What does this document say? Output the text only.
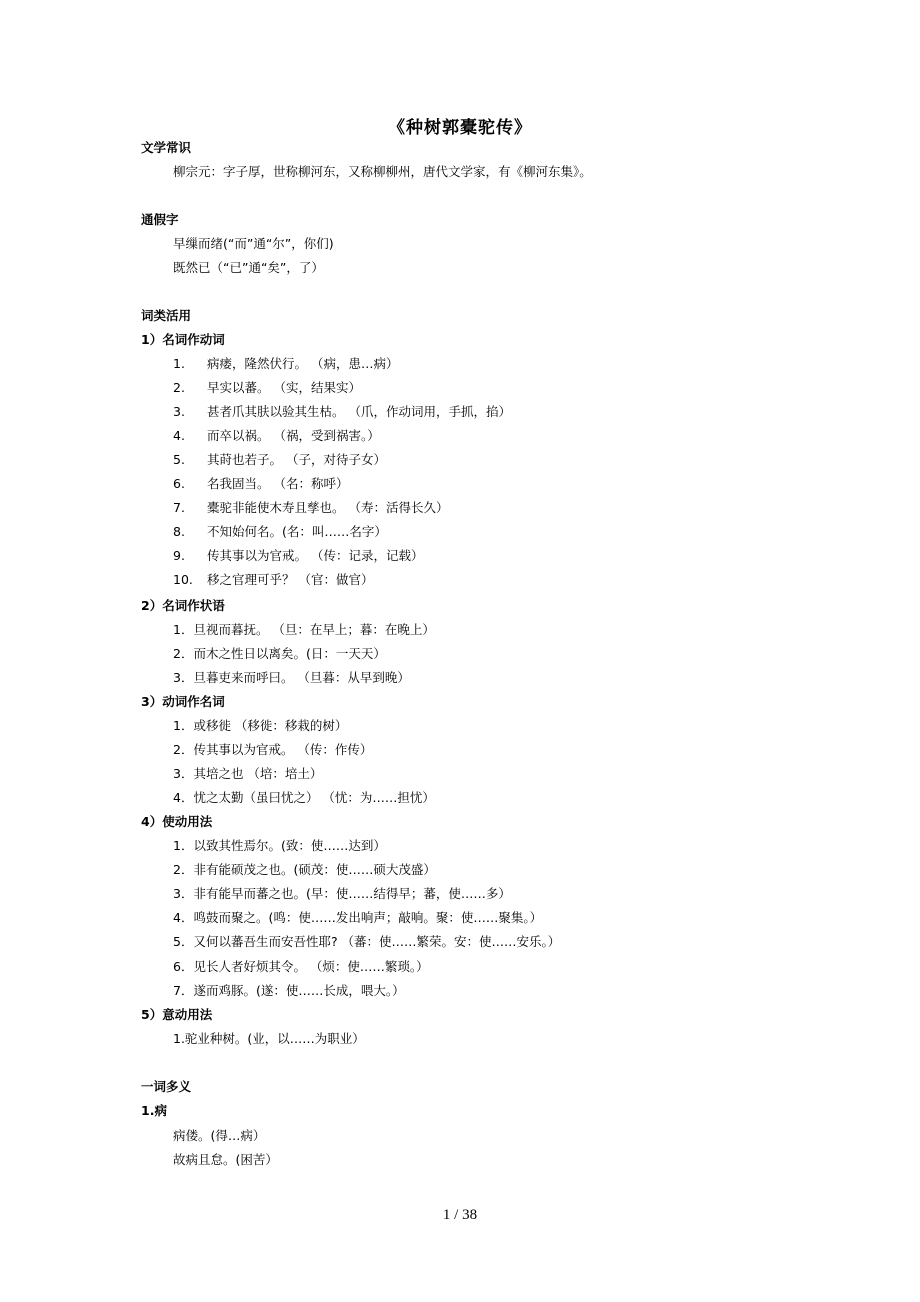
《种树郭橐驼传》
文学常识
柳宗元：字子厚，世称柳河东，又称柳柳州，唐代文学家，有《柳河东集》。
通假字
早缫而绪(“而”通“尔”，你们)
既然已（“已”通“矣”，了）
词类活用
1）名词作动词
1. 病瘘，隆然伏行。 （病，患…病）
2. 早实以蕃。 （实，结果实）
3. 甚者爪其肤以验其生枯。 （爪，作动词用，手抓，掐）
4. 而卒以祸。 （祸，受到祸害。）
5. 其莳也若子。 （子，对待子女）
6. 名我固当。 （名：称呼）
7. 橐驼非能使木寿且孳也。 （寿：活得长久）
8. 不知始何名。(名：叫……名字）
9. 传其事以为官戒。 （传：记录，记载）
10. 移之官理可乎？ （官：做官）
2）名词作状语
1．旦视而暮抚。 （旦：在早上；暮：在晚上）
2．而木之性日以离矣。(日：一天天）
3．旦暮吏来而呼曰。 （旦暮：从早到晚）
3）动词作名词
1．或移徙 （移徙：移栽的树）
2．传其事以为官戒。 （传：作传）
3．其培之也 （培：培土）
4．忧之太勤（虽曰忧之） （忧：为……担忧）
4）使动用法
1．以致其性焉尔。(致：使……达到）
2．非有能硕茂之也。(硕茂：使……硕大茂盛）
3．非有能早而蕃之也。(早：使……结得早；蕃，使……多）
4．鸣鼓而聚之。(鸣：使……发出响声；敲响。聚：使……聚集。）
5．又何以蕃吾生而安吾性耶? （蕃：使……繁荣。安：使……安乐。）
6．见长人者好烦其令。 （烦：使……繁琐。）
7．遂而鸡豚。(遂：使……长成，喂大。）
5）意动用法
1.驼业种树。(业，以……为职业）
一词多义
1.病
病偻。(得…病）
故病且怠。(困苦）
1 / 38
